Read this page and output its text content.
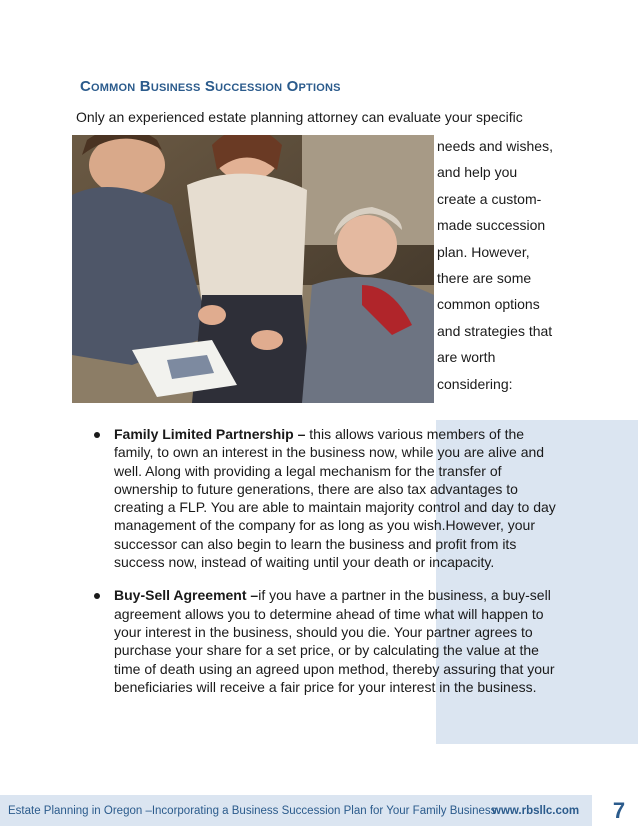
Common Business Succession Options
Only an experienced estate planning attorney can evaluate your specific
needs and wishes,
and help you
create a custom-
made succession
plan. However,
there are some
common options
and strategies that
are worth
considering:
Family Limited Partnership – this allows various members of the family, to own an interest in the business now, while you are alive and well. Along with providing a legal mechanism for the transfer of ownership to future generations, there are also tax advantages to creating a FLP. You are able to maintain majority control and day to day management of the company for as long as you wish.However, your successor can also begin to learn the business and profit from its success now, instead of waiting until your death or incapacity.
Buy-Sell Agreement –if you have a partner in the business, a buy-sell agreement allows you to determine ahead of time what will happen to your interest in the business, should you die. Your partner agrees to purchase your share for a set price, or by calculating the value at the time of death using an agreed upon method, thereby assuring that your beneficiaries will receive a fair price for your interest in the business.
Estate Planning in Oregon –Incorporating a Business Succession Plan for Your Family Business
www.rbsllc.com	7
